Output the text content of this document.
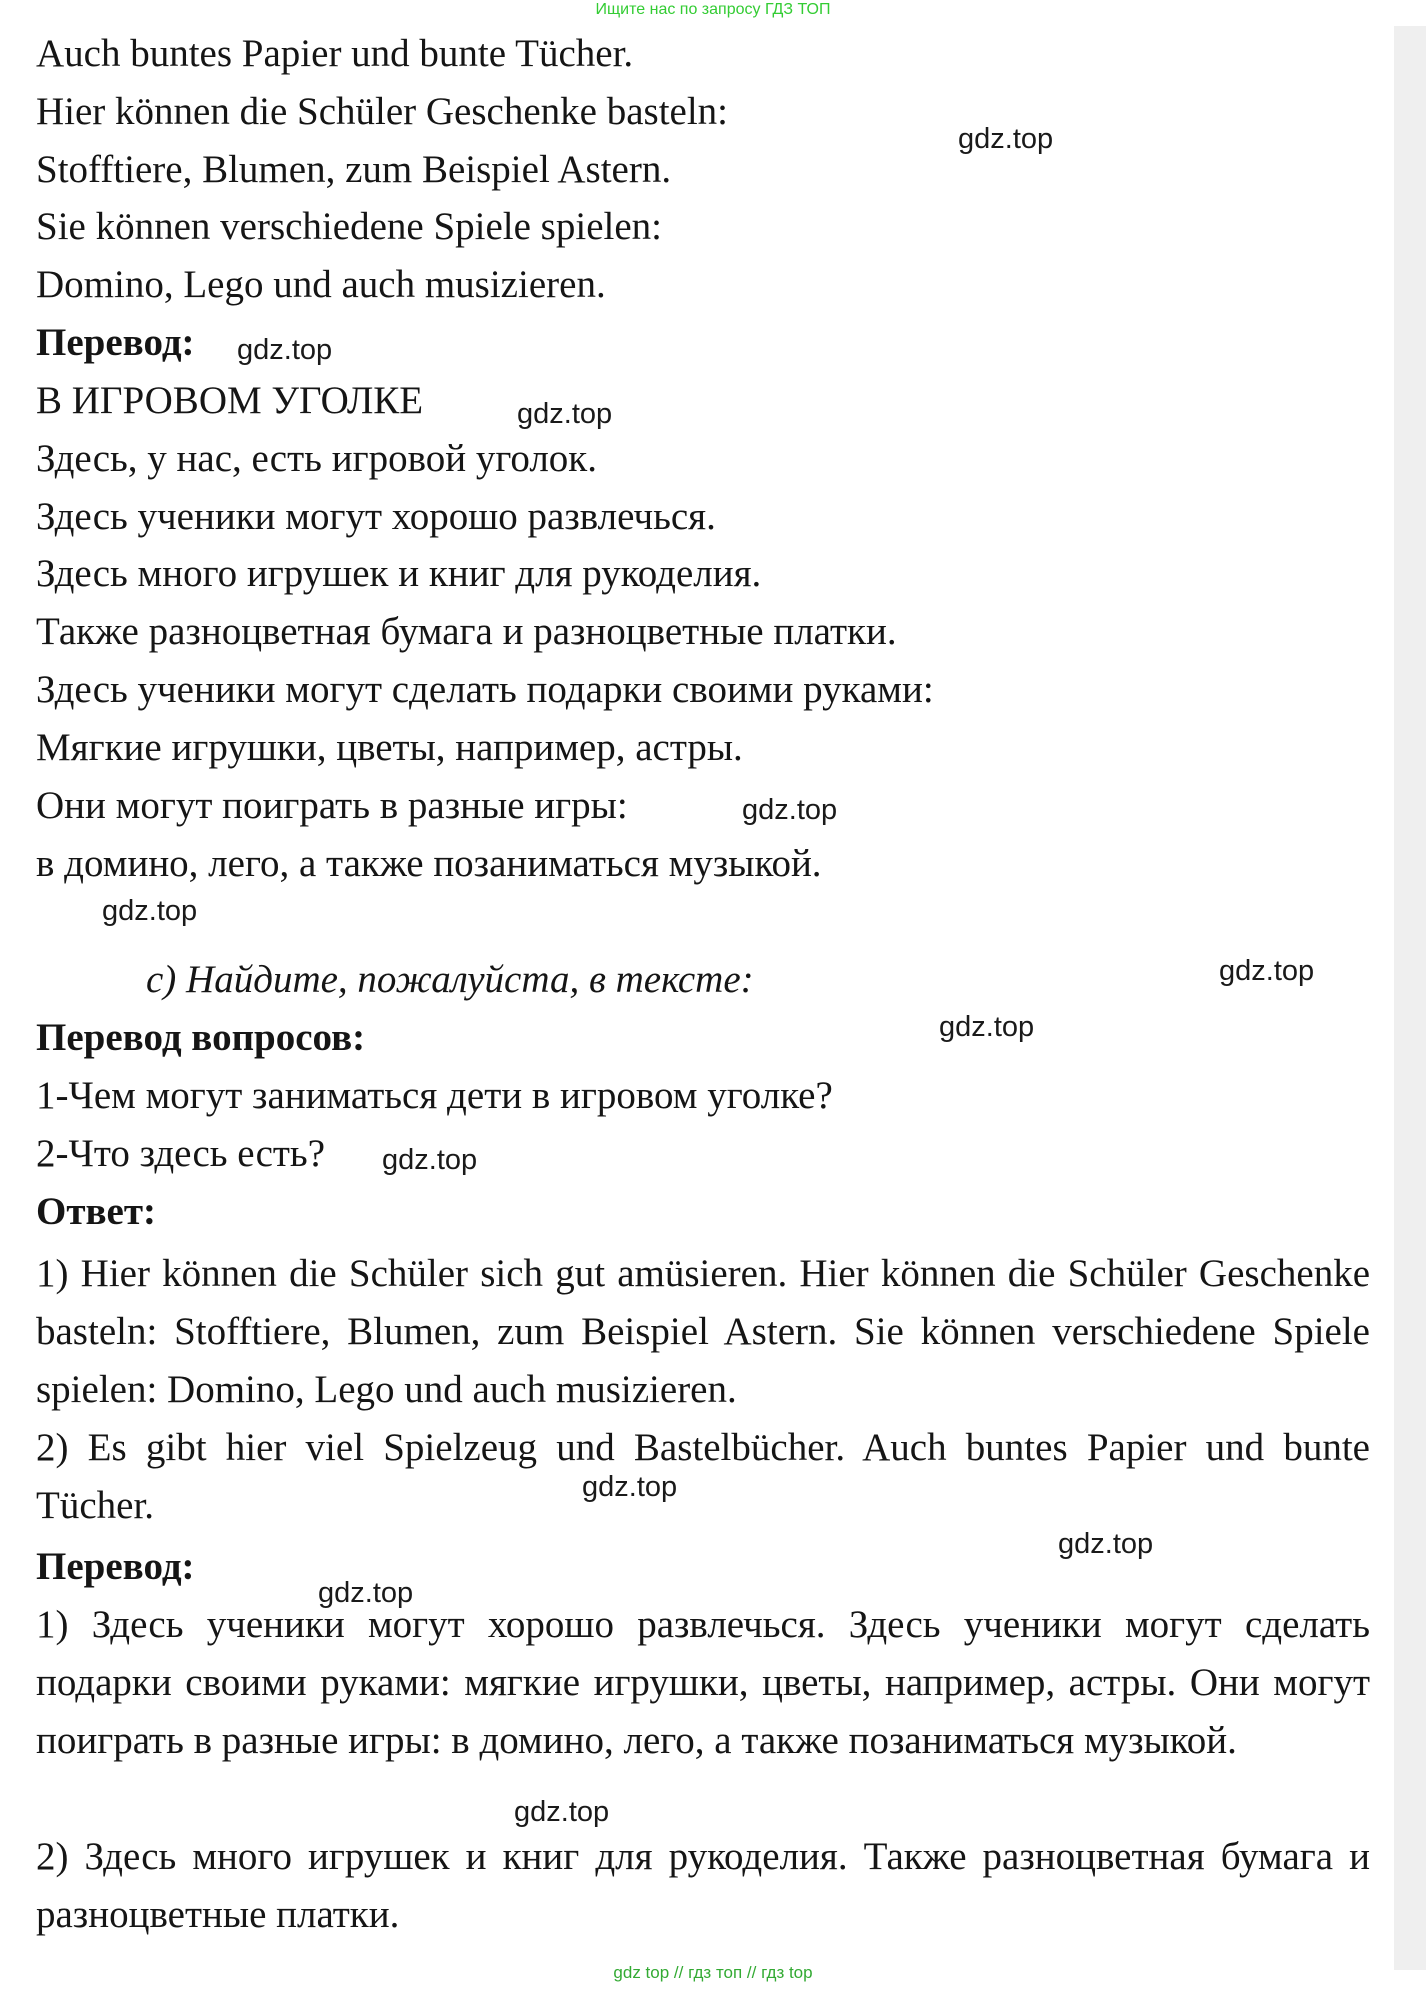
Ищите нас по запросу ГДЗ ТОП
Auch buntes Papier und bunte Tücher.
Hier können die Schüler Geschenke basteln:
Stofftiere, Blumen, zum Beispiel Astern.
Sie können verschiedene Spiele spielen:
Domino, Lego und auch musizieren.
Перевод:
В ИГРОВОМ УГОЛКЕ
Здесь, у нас, есть игровой уголок.
Здесь ученики могут хорошо развлечься.
Здесь много игрушек и книг для рукоделия.
Также разноцветная бумага и разноцветные платки.
Здесь ученики могут сделать подарки своими руками:
Мягкие игрушки, цветы, например, астры.
Они могут поиграть в разные игры:
в домино, лего, а также позаниматься музыкой.
c) Найдите, пожалуйста, в тексте:
Перевод вопросов:
1-Чем могут заниматься дети в игровом уголке?
2-Что здесь есть?
Ответ:
1) Hier können die Schüler sich gut amüsieren. Hier können die Schüler Geschenke basteln: Stofftiere, Blumen, zum Beispiel Astern. Sie können verschiedene Spiele spielen: Domino, Lego und auch musizieren.
2) Es gibt hier viel Spielzeug und Bastelbücher. Auch buntes Papier und bunte Tücher.
Перевод:
1) Здесь ученики могут хорошо развлечься. Здесь ученики могут сделать подарки своими руками: мягкие игрушки, цветы, например, астры. Они могут поиграть в разные игры: в домино, лего, а также позаниматься музыкой.
2) Здесь много игрушек и книг для рукоделия. Также разноцветная бумага и разноцветные платки.
gdz.top
gdz.top
gdz.top
gdz.top
gdz.top
gdz.top
gdz.top
gdz.top
gdz.top
gdz.top
gdz.top
gdz.top
gdz top // гдз топ // гдз top
